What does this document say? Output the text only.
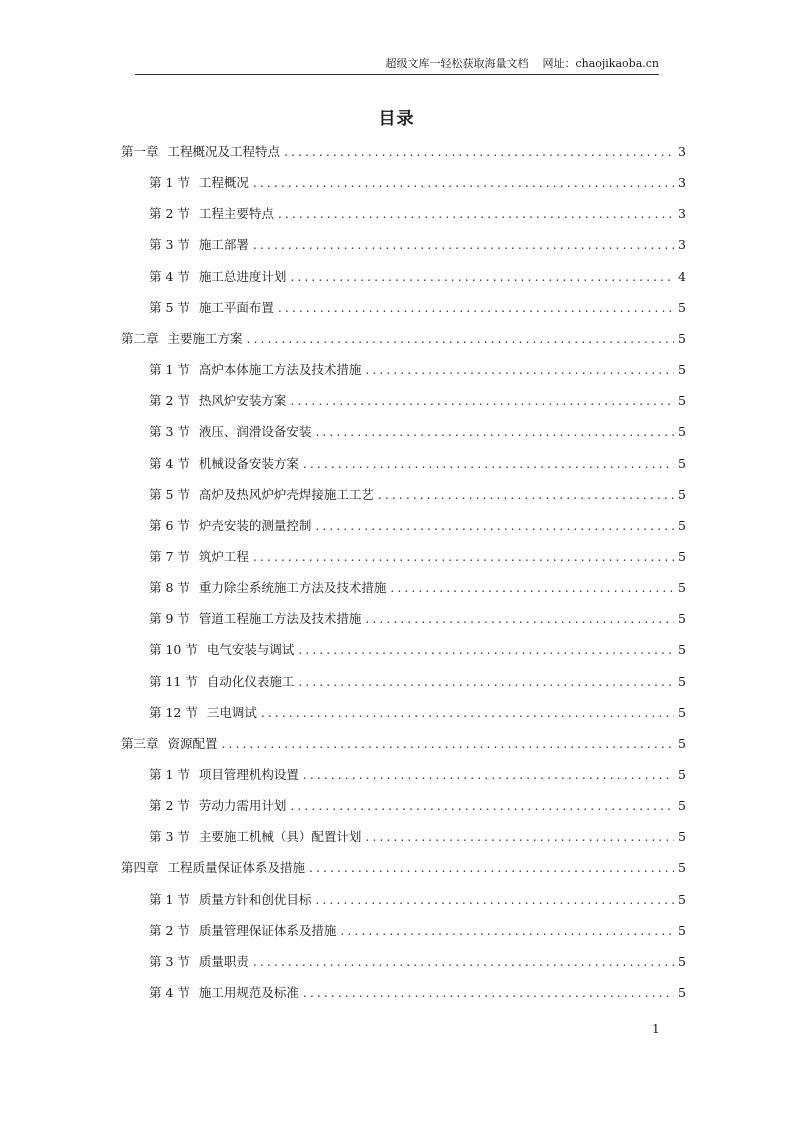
超级文库一轻松获取海量文档 网址：chaojikaoba.cn
目录
第一章 工程概况及工程特点 .....	3
第 1 节 工程概况 .....	3
第 2 节 工程主要特点 .....	3
第 3 节 施工部署 .....	3
第 4 节 施工总进度计划 .....	4
第 5 节 施工平面布置 .....	5
第二章 主要施工方案 .....	5
第 1 节 高炉本体施工方法及技术措施 .....	5
第 2 节 热风炉安装方案 .....	5
第 3 节 液压、润滑设备安装 .....	5
第 4 节 机械设备安装方案 .....	5
第 5 节 高炉及热风炉炉壳焊接施工工艺 .....	5
第 6 节 炉壳安装的测量控制 .....	5
第 7 节 筑炉工程 .....	5
第 8 节 重力除尘系统施工方法及技术措施 .....	5
第 9 节 管道工程施工方法及技术措施 .....	5
第 10 节 电气安装与调试 .....	5
第 11 节 自动化仪表施工 .....	5
第 12 节 三电调试 .....	5
第三章 资源配置 .....	5
第 1 节 项目管理机构设置 .....	5
第 2 节 劳动力需用计划 .....	5
第 3 节 主要施工机械（具）配置计划 .....	5
第四章 工程质量保证体系及措施 .....	5
第 1 节 质量方针和创优目标 .....	5
第 2 节 质量管理保证体系及措施 .....	5
第 3 节 质量职责 .....	5
第 4 节 施工用规范及标准 .....	5
1
